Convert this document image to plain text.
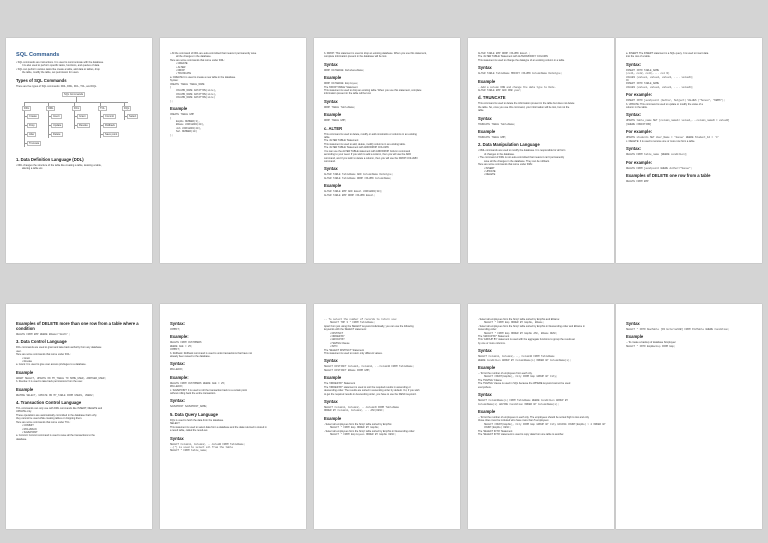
SQL Commands
• SQL commands are instructions. It is used to communicate with the database.
It is also used to perform specific tasks, functions, and queries of data.
• SQL can perform various tasks like create a table, add data to tables, drop
the table, modify the table, set permission for users.
Types of SQL Commands
There are five types of SQL commands: DDL, DML, DCL, TCL, and DQL.
SQL Commands
DDL
Create
Drop
Alter
Truncate
DML
Insert
Update
Delete
DCL
Grant
Revoke
TCL
Commit
Rollback
Save point
DQL
Select
1. Data Definition Language (DDL)
• DDL changes the structure of the table like creating a table, deleting a table,
altering a table etc.
• All the command of DDL are auto-committed that means it permanently save
all the changes in the database.
Here are some commands that come under DDL:
• CREATE
• ALTER
• DROP
• TRUNCATE
a. CREATE It is used to create a new table in the database.
Syntax:
CREATE TABLE TABLE_NAME
(
COLUMN_NAME DATATYPE(size),
COLUMN_NAME DATATYPE(size),
COLUMN_NAME DATATYPE(size)
);
Example
CREATE TABLE EMP
(
EmpNo NUMBER(3),
EName VARCHAR2(20),
Job VARCHAR2(20),
Sal NUMBER(10)
);
b. DROP: This statement is used to drop an existing database. When you use this statement,
complete information present in the database will be lost.
Syntax
DROP DATABASE DatabaseName;
Example
DROP DATABASE Employee;
The 'DROP TABLE' Statement
This statement is used to drop an existing table. When you use this statement, complete
information present in the table will be lost.
Syntax
DROP TABLE TableName;
Example
DROP TABLE EMP;
c. ALTER
This command is used to delete, modify or add constraints or columns in an existing
table.
The 'ALTER TABLE' Statement
This statement is used to add, delete, modify columns in an existing table.
The 'ALTER TABLE' Statement with ADD/DROP COLUMN
You can use the ALTER TABLE statement with ADD/DROP Column command
according to your need. If you wish to add a column, then you will use the ADD
command, and if you wish to delete a column, then you will use the DROP COLUMN
command.
Syntax
ALTER TABLE TableName ADD ColumnName Datatype;
ALTER TABLE TableName DROP COLUMN ColumnName;
Example
ALTER TABLE EMP ADD Email VARCHAR2(30);
ALTER TABLE EMP DROP COLUMN Email;
ALTER TABLE EMP DROP COLUMN Email ;
The 'ALTER TABLE' Statement with ALTER/MODIFY COLUMN
This statement is used to change the datatype of an existing column in a table.
Syntax
ALTER TABLE TableName MODIFY COLUMN ColumnName Datatype;
Example
--Add a column DOB and change the data type to Date.
ALTER TABLE EMP ADD DOB year;
d. TRUNCATE
This command is used to delete the information present in the table but does not delete
the table. So, once you use this command, your information will be lost, but not the
table.
Syntax
TRUNCATE TABLE TableName;
Example
TRUNCATE TABLE EMP;
2. Data Manipulation Language
• DML commands are used to modify the database. It is responsible for all form
of changes in the database.
• The command of DML is not auto-committed that means it can't permanently
save all the changes in the database. They can be rollback.
Here are some commands that come under DML:
• INSERT
• UPDATE
• DELETE
a. INSERT: The INSERT statement is a SQL query. It is used to insert data
into the row of a table.
Syntax:
INSERT INTO TABLE_NAME
(col1, col2, col3,.... col N)
VALUES (value1, value2, value3, .... valueN);
Or
INSERT INTO TABLE_NAME
VALUES (value1, value2, value3, .... valueN);
For example:
INSERT INTO javatpoint (Author, Subject) VALUES ("Sonoo", "DBMS");
b. UPDATE: This command is used to update or modify the value of a
column in the table.
Syntax:
UPDATE table_name SET [column_name1= value1,...column_nameN = valueN]
[WHERE CONDITION]
For example:
UPDATE students SET User_Name = 'Sonoo' WHERE Student_Id = '3'
c. DELETE: It is used to remove one or more row from a table.
Syntax:
DELETE FROM table_name [WHERE condition];
For example:
DELETE FROM javatpoint WHERE Author="Sonoo";
Examples of DELETE one row from a table
DELETE FROM EMP
Examples of DELETE more than one row from a table where a condition
DELETE FROM EMP WHERE EName='Smith';
3. Data Control Language
DCL commands are used to grant and take back authority from any database
user.
Here are some commands that come under DCL:
• Grant
• Revoke
a. Grant: It is used to give user access privileges to a database.
Example
GRANT SELECT, UPDATE ON MY_TABLE TO SOME_USER, ANOTHER_USER;
b. Revoke: It is used to take back permissions from the user.
Example
REVOKE SELECT, UPDATE ON MY_TABLE FROM USER1, USER2;
4. Transaction Control Language
TCL commands can only use with DML commands like INSERT, DELETE and
UPDATE only.
These operations are automatically committed in the database that's why
they cannot be used while creating tables or dropping them.
Here are some commands that come under TCL:
• COMMIT
• ROLLBACK
• SAVEPOINT
a. Commit: Commit command is used to save all the transactions to the
database.
Syntax:
COMMIT;
Example:
DELETE FROM CUSTOMERS
WHERE AGE = 25;
COMMIT;
b. Rollback: Rollback command is used to undo transactions that have not
already been saved to the database.
Syntax:
ROLLBACK;
Example:
DELETE FROM CUSTOMERS WHERE AGE = 25;
ROLLBACK;
c. SAVEPOINT: It is used to roll the transaction back to a certain point
without rolling back the entire transaction.
Syntax:
SAVEPOINT SAVEPOINT_NAME;
5. Data Query Language
DQL is used to fetch the data from the database.
SELECT
This statement is used to select data from a database and the data returned is stored in
a result table, called the result-set.
Syntax
SELECT Column1, Column2, ...ColumN FROM TableName;
--(*) is used to select all from the table
SELECT * FROM table_name;
-- To select the number of records to return use:
SELECT TOP 3 * FROM TableName;
Apart from just using the SELECT keyword individually, you can use the following
keywords with the SELECT statement:
• DISTINCT
• ORDER BY
• GROUP BY
• HAVING Clause
• INTO
The 'SELECT DISTINCT' Statement
This statement is used to return only different values.
Syntax
SELECT DISTINCT Column1, Column2, ...ColumnN FROM TableName;
SELECT DISTINCT EName FROM EMP;
Example
The 'ORDER BY' Statement
The 'ORDER BY' statement is used to sort the required results in ascending or
descending order. The results are sorted in ascending order by default. Yet, if you wish
to get the required results in descending order, you have to use the DESC keyword.
Syntax
SELECT Column1, Column2, ...ColumnN FROM TableName
ORDER BY Column1, Column2, ... ASC|DESC;
Example
- Select all employees from the 'Emp' table sorted by EmpNo:
SELECT * FROM Emp ORDER BY EmpNo;
- Select all employees from the 'Emp' table sorted by EmpNo in Descending order:
SELECT * FROM Employees ORDER BY EmpNo DESC;
- Select all employees from the 'Emp' table sorted by EmpNo and EName:
SELECT * FROM Emp ORDER BY EmpNo, EName;
- Select all employees from the 'Emp' table sorted by EmpNo in Descending order and EName in
Ascending order:
SELECT * FROM Emp ORDER BY EmpNo ASC, EName DESC;
The 'GROUP BY' Statement
This 'GROUP BY' statement is used with the aggregate functions to group the result-set
by one or more columns.
Syntax
SELECT Column1, Column2,..., ColumnN FROM TableName
WHERE Condition GROUP BY ColumnName(s) ORDER BY ColumnName(s);
Example
-- To list the number of employees from each city.
SELECT COUNT(EmpNo), City FROM Emp GROUP BY City;
The 'HAVING' Clause
The 'HAVING' clause is used in SQL because the WHERE keyword cannot be used
everywhere.
Syntax
SELECT ColumnName(s) FROM TableName WHERE Condition GROUP BY
ColumnName(s) HAVING Condition ORDER BY ColumnName(s);
Example
-- To list the number of employees in each city. The employees should be sorted high to low and only
those cities must be included who have more than 5 employees:
SELECT COUNT(EmpNo), City FROM Emp GROUP BY City HAVING COUNT(EmpNo) > 2 ORDER BY
COUNT(EmpNo) DESC;
The 'SELECT INTO' Statement
The 'SELECT INTO' statement is used to copy data from one table to another.
Syntax
SELECT * INTO NewTable [IN ExternalDB] FROM OldTable WHERE Condition;
Example
-- To create a backup of database 'Employee'
SELECT * INTO EmpBackup FROM Emp;
